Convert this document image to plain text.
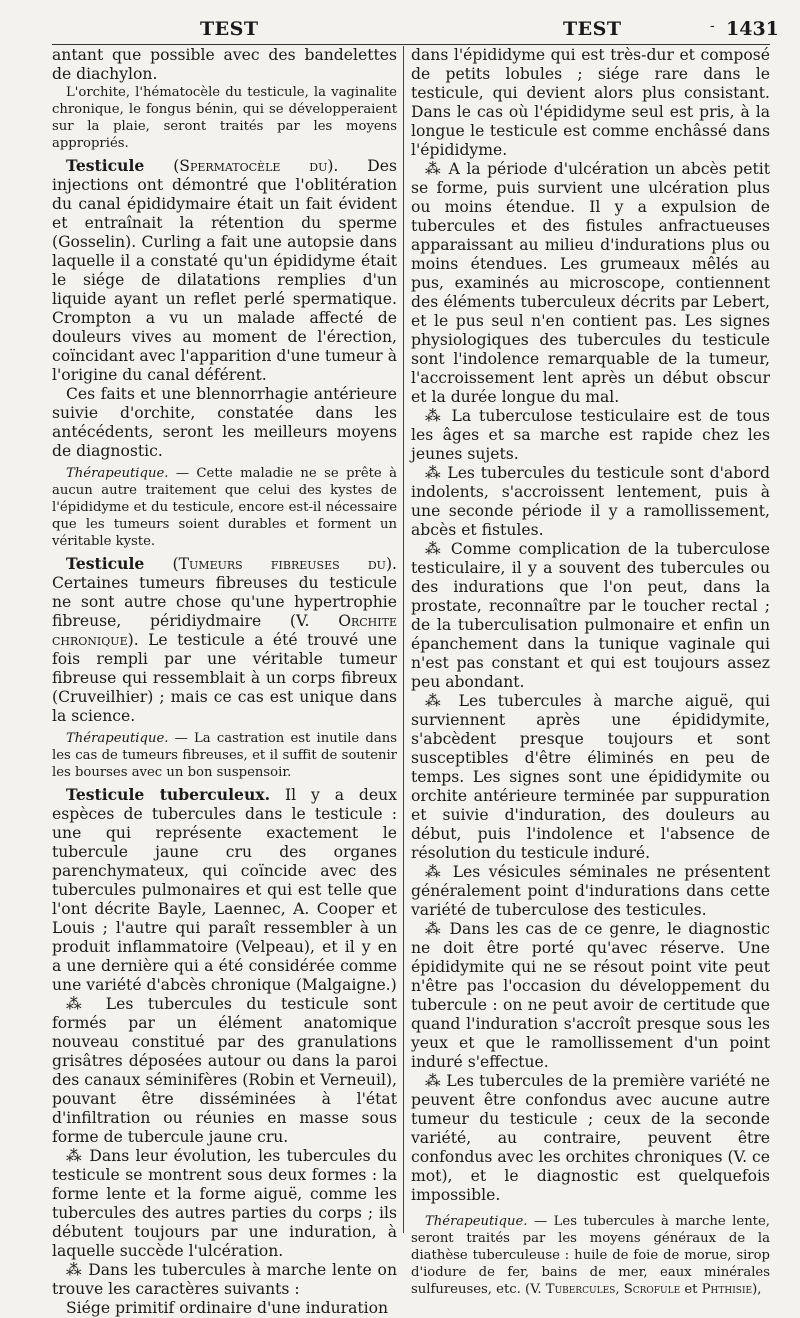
TEST	TEST	- 1431

antant que possible avec des bandelettes de diachylon.

L'orchite, l'hématocèle du testicule, la vaginalite chronique, le fongus bénin, qui se développeraient sur la plaie, seront traités par les moyens appropriés.

Testicule (Spermatocèle du). Des injections ont démontré que l'oblitération du canal épididymaire était un fait évident et entraînait la rétention du sperme (Gosselin). Curling a fait une autopsie dans laquelle il a constaté qu'un épididyme était le siége de dilatations remplies d'un liquide ayant un reflet perlé spermatique. Crompton a vu un malade affecté de douleurs vives au moment de l'érection, coïncidant avec l'apparition d'une tumeur à l'origine du canal déférent.

Ces faits et une blennorrhagie antérieure suivie d'orchite, constatée dans les antécédents, seront les meilleurs moyens de diagnostic.

Thérapeutique. — Cette maladie ne se prête à aucun autre traitement que celui des kystes de l'épididyme et du testicule, encore est-il nécessaire que les tumeurs soient durables et forment un véritable kyste.

Testicule (Tumeurs fibreuses du). Certaines tumeurs fibreuses du testicule ne sont autre chose qu'une hypertrophie fibreuse, péridiydmaire (V. Orchite chronique). Le testicule a été trouvé une fois rempli par une véritable tumeur fibreuse qui ressemblait à un corps fibreux (Cruveilhier) ; mais ce cas est unique dans la science.

Thérapeutique. — La castration est inutile dans les cas de tumeurs fibreuses, et il suffit de soutenir les bourses avec un bon suspensoir.

Testicule tuberculeux. Il y a deux espèces de tubercules dans le testicule : une qui représente exactement le tubercule jaune cru des organes parenchymateux, qui coïncide avec des tubercules pulmonaires et qui est telle que l'ont décrite Bayle, Laennec, A. Cooper et Louis ; l'autre qui paraît ressembler à un produit inflammatoire (Velpeau), et il y en a une dernière qui a été considérée comme une variété d'abcès chronique (Malgaigne.)

⁂ Les tubercules du testicule sont formés par un élément anatomique nouveau constitué par des granulations grisâtres déposées autour ou dans la paroi des canaux séminifères (Robin et Verneuil), pouvant être disséminées à l'état d'infiltration ou réunies en masse sous forme de tubercule jaune cru.

⁂ Dans leur évolution, les tubercules du testicule se montrent sous deux formes : la forme lente et la forme aiguë, comme les tubercules des autres parties du corps ; ils débutent toujours par une induration, à laquelle succède l'ulcération.

⁂ Dans les tubercules à marche lente on trouve les caractères suivants :

Siége primitif ordinaire d'une induration

dans l'épididyme qui est très-dur et composé de petits lobules ; siége rare dans le testicule, qui devient alors plus consistant. Dans le cas où l'épididyme seul est pris, à la longue le testicule est comme enchâssé dans l'épididyme.

⁂ A la période d'ulcération un abcès petit se forme, puis survient une ulcération plus ou moins étendue. Il y a expulsion de tubercules et des fistules anfractueuses apparaissant au milieu d'indurations plus ou moins étendues. Les grumeaux mêlés au pus, examinés au microscope, contiennent des éléments tuberculeux décrits par Lebert, et le pus seul n'en contient pas. Les signes physiologiques des tubercules du testicule sont l'indolence remarquable de la tumeur, l'accroissement lent après un début obscur et la durée longue du mal.

⁂ La tuberculose testiculaire est de tous les âges et sa marche est rapide chez les jeunes sujets.

⁂ Les tubercules du testicule sont d'abord indolents, s'accroissent lentement, puis à une seconde période il y a ramollissement, abcès et fistules.

⁂ Comme complication de la tuberculose testiculaire, il y a souvent des tubercules ou des indurations que l'on peut, dans la prostate, reconnaître par le toucher rectal ; de la tuberculisation pulmonaire et enfin un épanchement dans la tunique vaginale qui n'est pas constant et qui est toujours assez peu abondant.

⁂ Les tubercules à marche aiguë, qui surviennent après une épididymite, s'abcèdent presque toujours et sont susceptibles d'être éliminés en peu de temps. Les signes sont une épididymite ou orchite antérieure terminée par suppuration et suivie d'induration, des douleurs au début, puis l'indolence et l'absence de résolution du testicule induré.

⁂ Les vésicules séminales ne présentent généralement point d'indurations dans cette variété de tuberculose des testicules.

⁂ Dans les cas de ce genre, le diagnostic ne doit être porté qu'avec réserve. Une épididymite qui ne se résout point vite peut n'être pas l'occasion du développement du tubercule : on ne peut avoir de certitude que quand l'induration s'accroît presque sous les yeux et que le ramollissement d'un point induré s'effectue.

⁂ Les tubercules de la première variété ne peuvent être confondus avec aucune autre tumeur du testicule ; ceux de la seconde variété, au contraire, peuvent être confondus avec les orchites chroniques (V. ce mot), et le diagnostic est quelquefois impossible.

Thérapeutique. — Les tubercules à marche lente, seront traités par les moyens généraux de la diathèse tuberculeuse : huile de foie de morue, sirop d'iodure de fer, bains de mer, eaux minérales sulfureuses, etc. (V. Tubercules, Scrofule et Phthisie),
